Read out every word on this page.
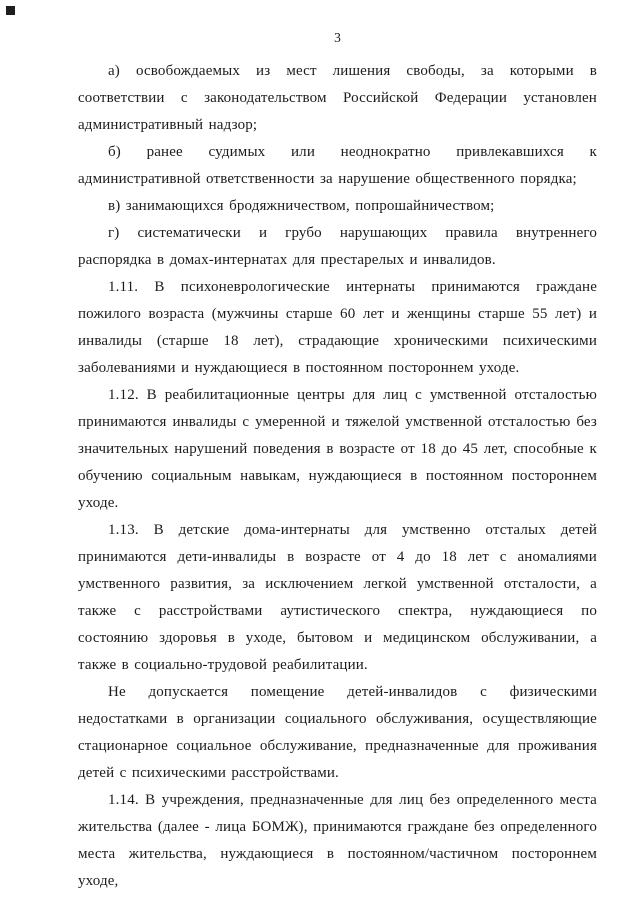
3

а) освобождаемых из мест лишения свободы, за которыми в соответствии с законодательством Российской Федерации установлен административный надзор;

б) ранее судимых или неоднократно привлекавшихся к административной ответственности за нарушение общественного порядка;

в) занимающихся бродяжничеством, попрошайничеством;

г) систематически и грубо нарушающих правила внутреннего распорядка в домах-интернатах для престарелых и инвалидов.

1.11. В психоневрологические интернаты принимаются граждане пожилого возраста (мужчины старше 60 лет и женщины старше 55 лет) и инвалиды (старше 18 лет), страдающие хроническими психическими заболеваниями и нуждающиеся в постоянном постороннем уходе.

1.12. В реабилитационные центры для лиц с умственной отсталостью принимаются инвалиды с умеренной и тяжелой умственной отсталостью без значительных нарушений поведения в возрасте от 18 до 45 лет, способные к обучению социальным навыкам, нуждающиеся в постоянном постороннем уходе.

1.13. В детские дома-интернаты для умственно отсталых детей принимаются дети-инвалиды в возрасте от 4 до 18 лет с аномалиями умственного развития, за исключением легкой умственной отсталости, а также с расстройствами аутистического спектра, нуждающиеся по состоянию здоровья в уходе, бытовом и медицинском обслуживании, а также в социально-трудовой реабилитации.

Не допускается помещение детей-инвалидов с физическими недостатками в организации социального обслуживания, осуществляющие стационарное социальное обслуживание, предназначенные для проживания детей с психическими расстройствами.

1.14. В учреждения, предназначенные для лиц без определенного места жительства (далее - лица БОМЖ), принимаются граждане без определенного места жительства, нуждающиеся в постоянном/частичном постороннем уходе,
